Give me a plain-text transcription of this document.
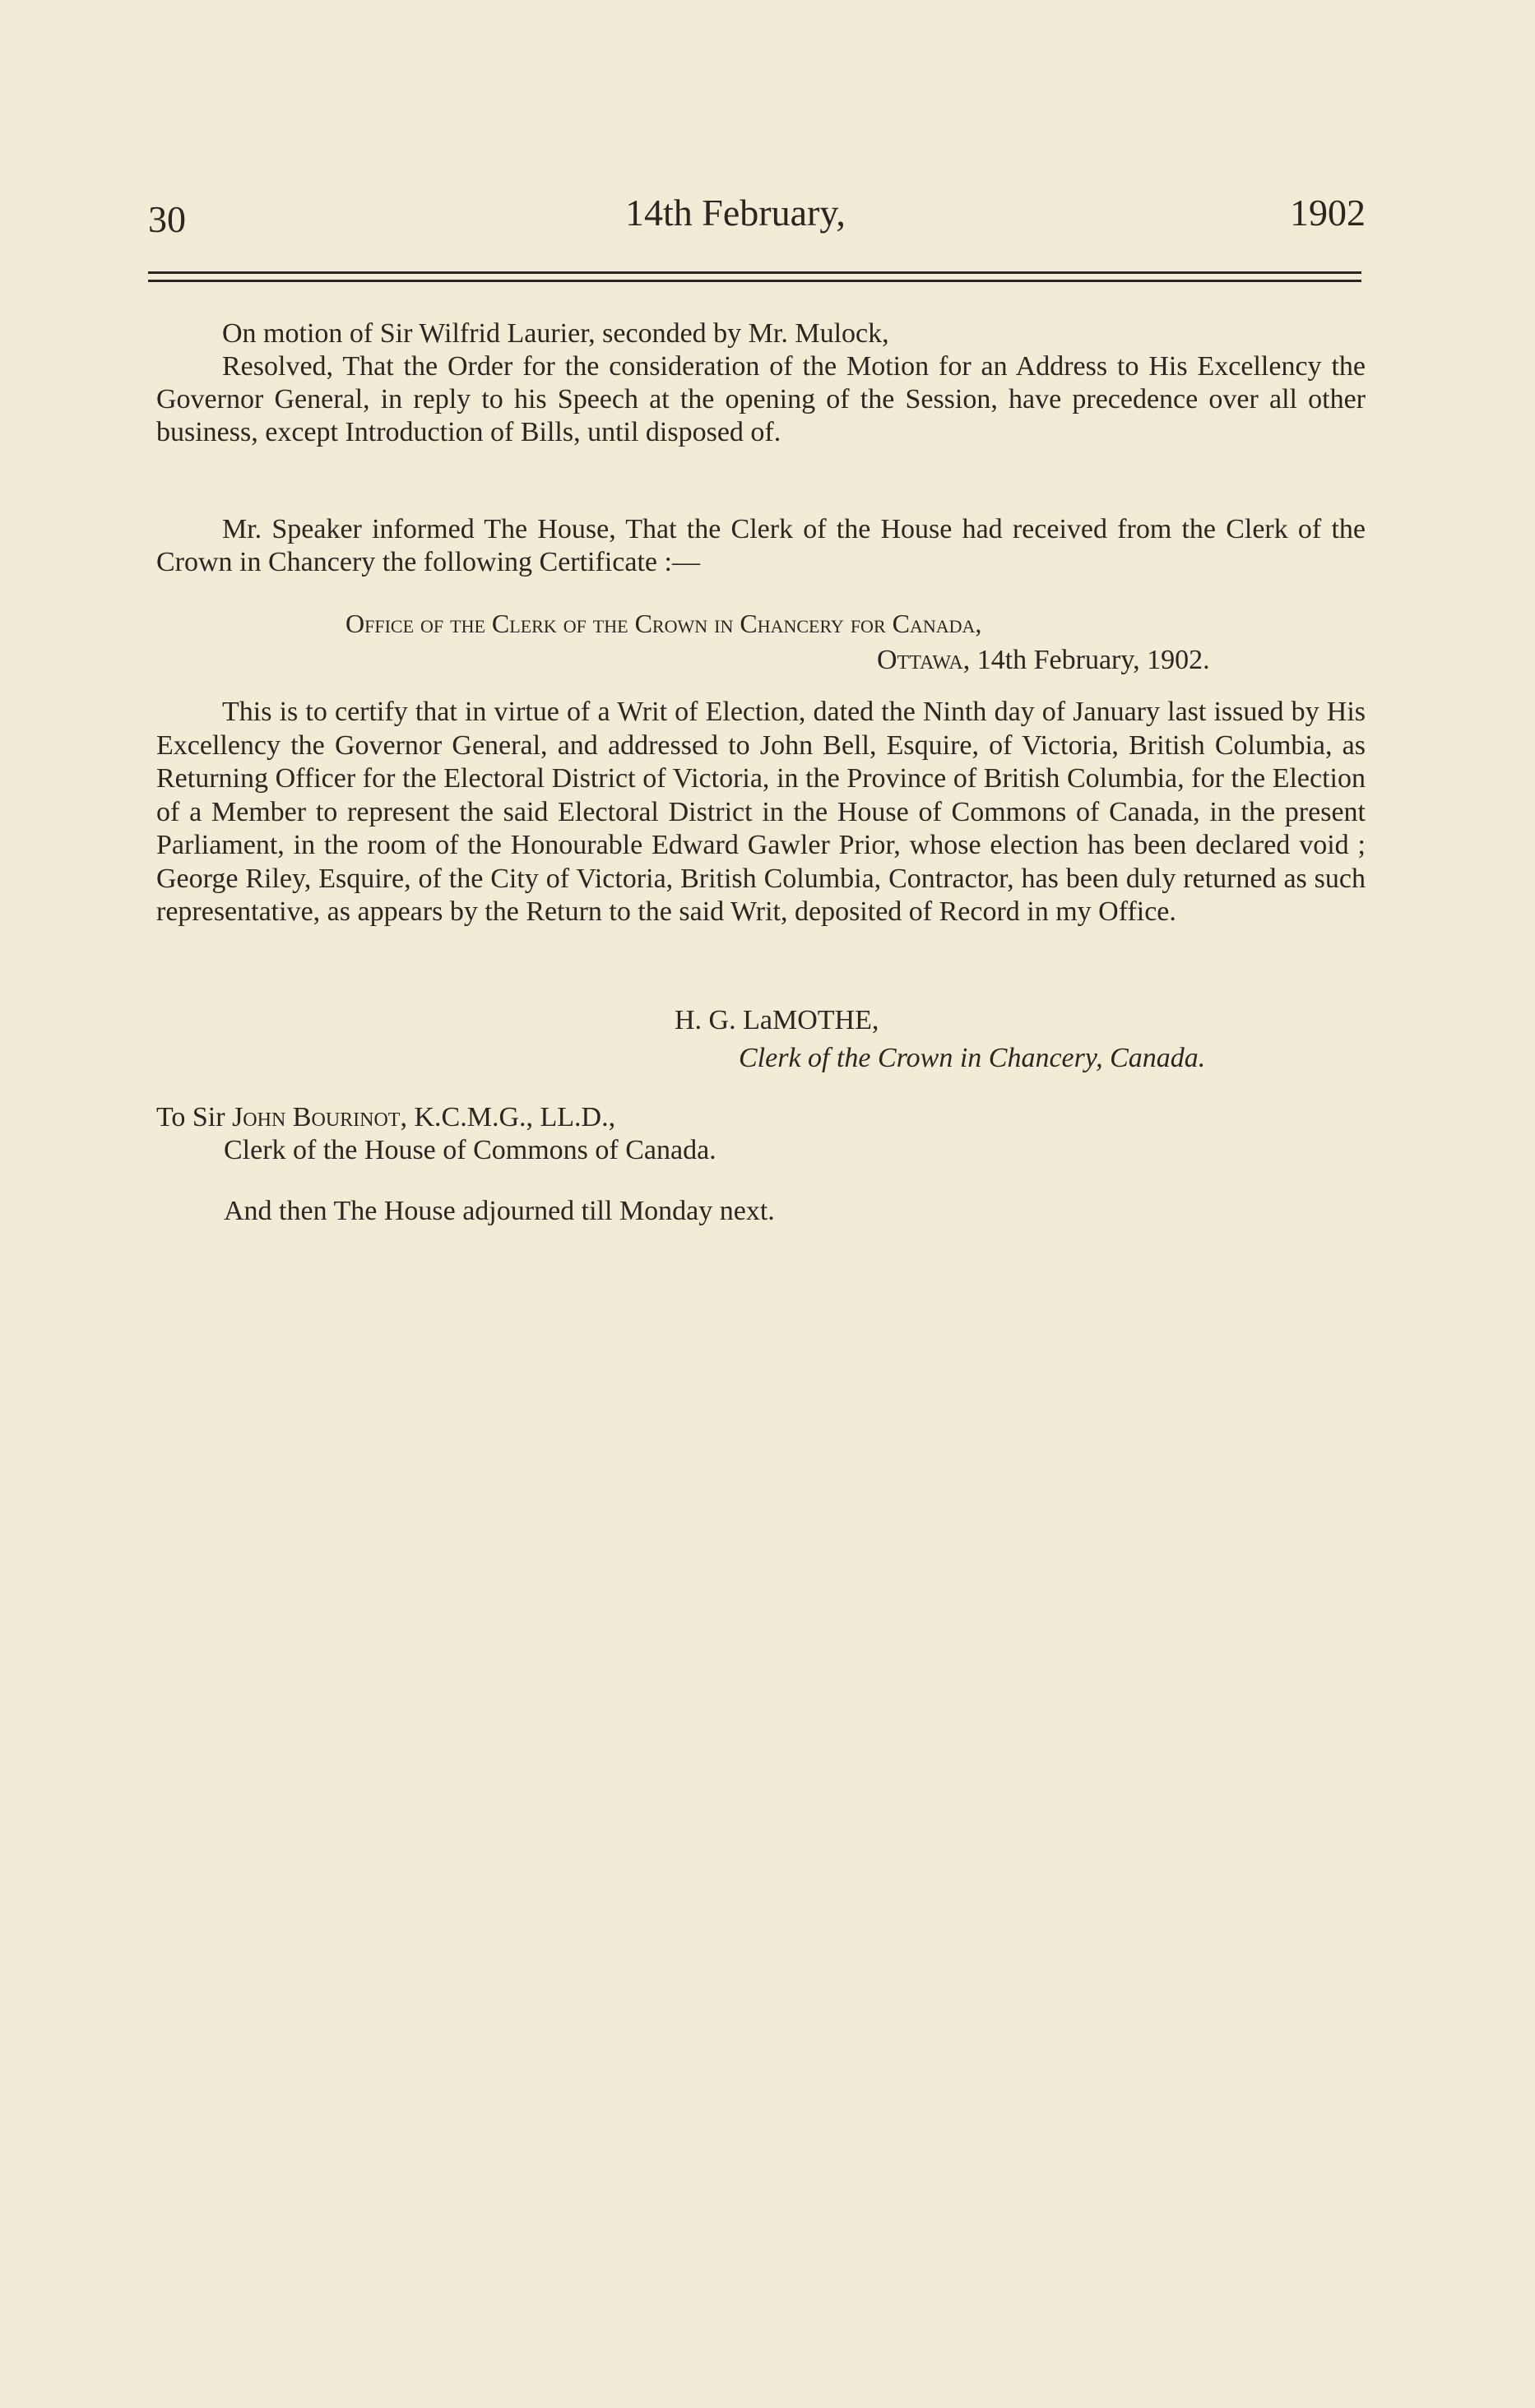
30	14th February,	1902

On motion of Sir Wilfrid Laurier, seconded by Mr. Mulock,

Resolved, That the Order for the consideration of the Motion for an Address to His Excellency the Governor General, in reply to his Speech at the opening of the Session, have precedence over all other business, except Introduction of Bills, until disposed of.

Mr. Speaker informed The House, That the Clerk of the House had received from the Clerk of the Crown in Chancery the following Certificate :—

Office of the Clerk of the Crown in Chancery for Canada,
Ottawa, 14th February, 1902.

This is to certify that in virtue of a Writ of Election, dated the Ninth day of January last issued by His Excellency the Governor General, and addressed to John Bell, Esquire, of Victoria, British Columbia, as Returning Officer for the Electoral District of Victoria, in the Province of British Columbia, for the Election of a Member to represent the said Electoral District in the House of Commons of Canada, in the present Parliament, in the room of the Honourable Edward Gawler Prior, whose election has been declared void ; George Riley, Esquire, of the City of Victoria, British Columbia, Contractor, has been duly returned as such representative, as appears by the Return to the said Writ, deposited of Record in my Office.

H. G. LaMOTHE,
Clerk of the Crown in Chancery, Canada.
To Sir John Bourinot, K.C.M.G., LL.D.,
Clerk of the House of Commons of Canada.
And then The House adjourned till Monday next.
